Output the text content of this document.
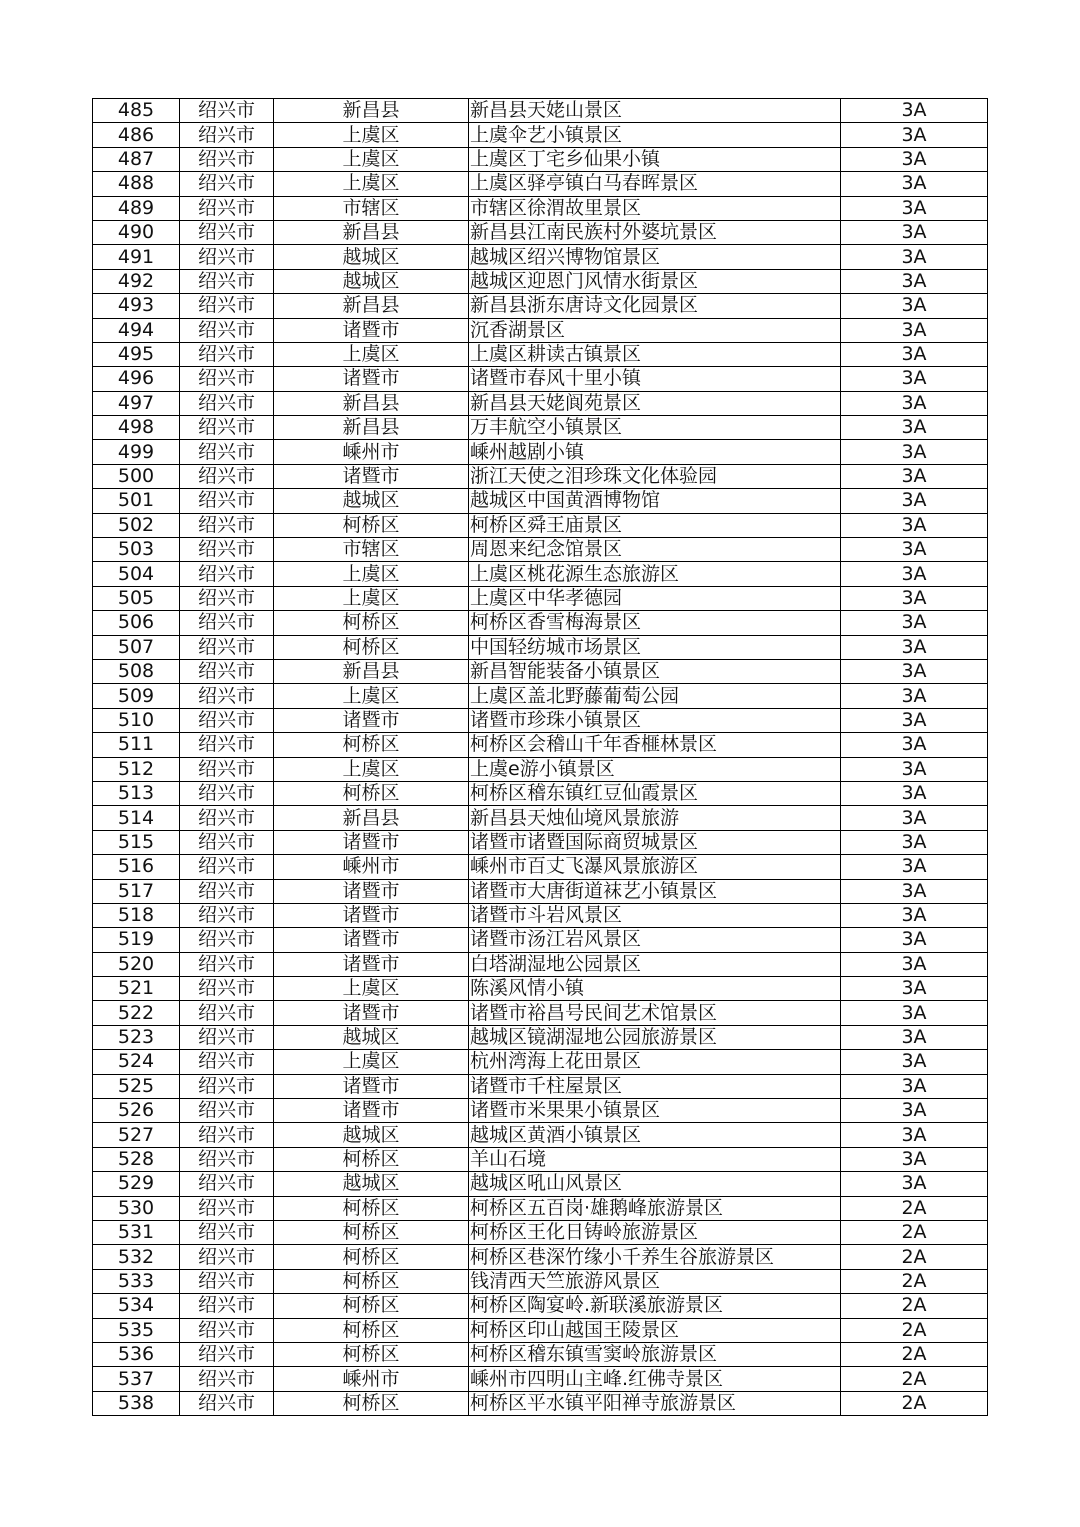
485	绍兴市	新昌县	新昌县天姥山景区	3A
486	绍兴市	上虞区	上虞伞艺小镇景区	3A
487	绍兴市	上虞区	上虞区丁宅乡仙果小镇	3A
488	绍兴市	上虞区	上虞区驿亭镇白马春晖景区	3A
489	绍兴市	市辖区	市辖区徐渭故里景区	3A
490	绍兴市	新昌县	新昌县江南民族村外婆坑景区	3A
491	绍兴市	越城区	越城区绍兴博物馆景区	3A
492	绍兴市	越城区	越城区迎恩门风情水街景区	3A
493	绍兴市	新昌县	新昌县浙东唐诗文化园景区	3A
494	绍兴市	诸暨市	沉香湖景区	3A
495	绍兴市	上虞区	上虞区耕读古镇景区	3A
496	绍兴市	诸暨市	诸暨市春风十里小镇	3A
497	绍兴市	新昌县	新昌县天姥阆苑景区	3A
498	绍兴市	新昌县	万丰航空小镇景区	3A
499	绍兴市	嵊州市	嵊州越剧小镇	3A
500	绍兴市	诸暨市	浙江天使之泪珍珠文化体验园	3A
501	绍兴市	越城区	越城区中国黄酒博物馆	3A
502	绍兴市	柯桥区	柯桥区舜王庙景区	3A
503	绍兴市	市辖区	周恩来纪念馆景区	3A
504	绍兴市	上虞区	上虞区桃花源生态旅游区	3A
505	绍兴市	上虞区	上虞区中华孝德园	3A
506	绍兴市	柯桥区	柯桥区香雪梅海景区	3A
507	绍兴市	柯桥区	中国轻纺城市场景区	3A
508	绍兴市	新昌县	新昌智能装备小镇景区	3A
509	绍兴市	上虞区	上虞区盖北野藤葡萄公园	3A
510	绍兴市	诸暨市	诸暨市珍珠小镇景区	3A
511	绍兴市	柯桥区	柯桥区会稽山千年香榧林景区	3A
512	绍兴市	上虞区	上虞e游小镇景区	3A
513	绍兴市	柯桥区	柯桥区稽东镇红豆仙霞景区	3A
514	绍兴市	新昌县	新昌县天烛仙境风景旅游	3A
515	绍兴市	诸暨市	诸暨市诸暨国际商贸城景区	3A
516	绍兴市	嵊州市	嵊州市百丈飞瀑风景旅游区	3A
517	绍兴市	诸暨市	诸暨市大唐街道袜艺小镇景区	3A
518	绍兴市	诸暨市	诸暨市斗岩风景区	3A
519	绍兴市	诸暨市	诸暨市汤江岩风景区	3A
520	绍兴市	诸暨市	白塔湖湿地公园景区	3A
521	绍兴市	上虞区	陈溪风情小镇	3A
522	绍兴市	诸暨市	诸暨市裕昌号民间艺术馆景区	3A
523	绍兴市	越城区	越城区镜湖湿地公园旅游景区	3A
524	绍兴市	上虞区	杭州湾海上花田景区	3A
525	绍兴市	诸暨市	诸暨市千柱屋景区	3A
526	绍兴市	诸暨市	诸暨市米果果小镇景区	3A
527	绍兴市	越城区	越城区黄酒小镇景区	3A
528	绍兴市	柯桥区	羊山石境	3A
529	绍兴市	越城区	越城区吼山风景区	3A
530	绍兴市	柯桥区	柯桥区五百岗·雄鹅峰旅游景区	2A
531	绍兴市	柯桥区	柯桥区王化日铸岭旅游景区	2A
532	绍兴市	柯桥区	柯桥区巷深竹缘小千养生谷旅游景区	2A
533	绍兴市	柯桥区	钱清西天竺旅游风景区	2A
534	绍兴市	柯桥区	柯桥区陶宴岭.新联溪旅游景区	2A
535	绍兴市	柯桥区	柯桥区印山越国王陵景区	2A
536	绍兴市	柯桥区	柯桥区稽东镇雪窦岭旅游景区	2A
537	绍兴市	嵊州市	嵊州市四明山主峰.红佛寺景区	2A
538	绍兴市	柯桥区	柯桥区平水镇平阳禅寺旅游景区	2A
